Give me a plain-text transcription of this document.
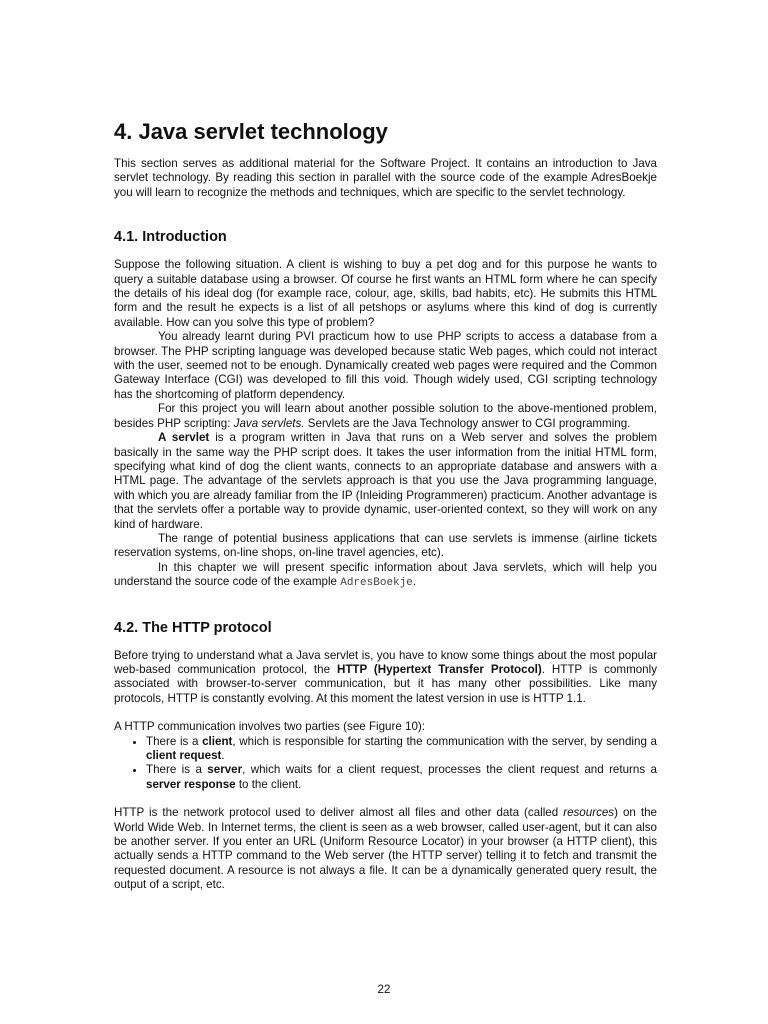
4. Java servlet technology

This section serves as additional material for the Software Project. It contains an introduction to Java servlet technology. By reading this section in parallel with the source code of the example AdresBoekje you will learn to recognize the methods and techniques, which are specific to the servlet technology.

4.1. Introduction

Suppose the following situation. A client is wishing to buy a pet dog and for this purpose he wants to query a suitable database using a browser. Of course he first wants an HTML form where he can specify the details of his ideal dog (for example race, colour, age, skills, bad habits, etc). He submits this HTML form and the result he expects is a list of all petshops or asylums where this kind of dog is currently available. How can you solve this type of problem?

You already learnt during PVI practicum how to use PHP scripts to access a database from a browser. The PHP scripting language was developed because static Web pages, which could not interact with the user, seemed not to be enough. Dynamically created web pages were required and the Common Gateway Interface (CGI) was developed to fill this void. Though widely used, CGI scripting technology has the shortcoming of platform dependency.

For this project you will learn about another possible solution to the above-mentioned problem, besides PHP scripting: Java servlets. Servlets are the Java Technology answer to CGI programming.

A servlet is a program written in Java that runs on a Web server and solves the problem basically in the same way the PHP script does. It takes the user information from the initial HTML form, specifying what kind of dog the client wants, connects to an appropriate database and answers with a HTML page. The advantage of the servlets approach is that you use the Java programming language, with which you are already familiar from the IP (Inleiding Programmeren) practicum. Another advantage is that the servlets offer a portable way to provide dynamic, user-oriented context, so they will work on any kind of hardware.

The range of potential business applications that can use servlets is immense (airline tickets reservation systems, on-line shops, on-line travel agencies, etc).

In this chapter we will present specific information about Java servlets, which will help you understand the source code of the example AdresBoekje.

4.2. The HTTP protocol

Before trying to understand what a Java servlet is, you have to know some things about the most popular web-based communication protocol, the HTTP (Hypertext Transfer Protocol). HTTP is commonly associated with browser-to-server communication, but it has many other possibilities. Like many protocols, HTTP is constantly evolving. At this moment the latest version in use is HTTP 1.1.

A HTTP communication involves two parties (see Figure 10):

• There is a client, which is responsible for starting the communication with the server, by sending a client request.
• There is a server, which waits for a client request, processes the client request and returns a server response to the client.

HTTP is the network protocol used to deliver almost all files and other data (called resources) on the World Wide Web. In Internet terms, the client is seen as a web browser, called user-agent, but it can also be another server. If you enter an URL (Uniform Resource Locator) in your browser (a HTTP client), this actually sends a HTTP command to the Web server (the HTTP server) telling it to fetch and transmit the requested document. A resource is not always a file. It can be a dynamically generated query result, the output of a script, etc.

22
